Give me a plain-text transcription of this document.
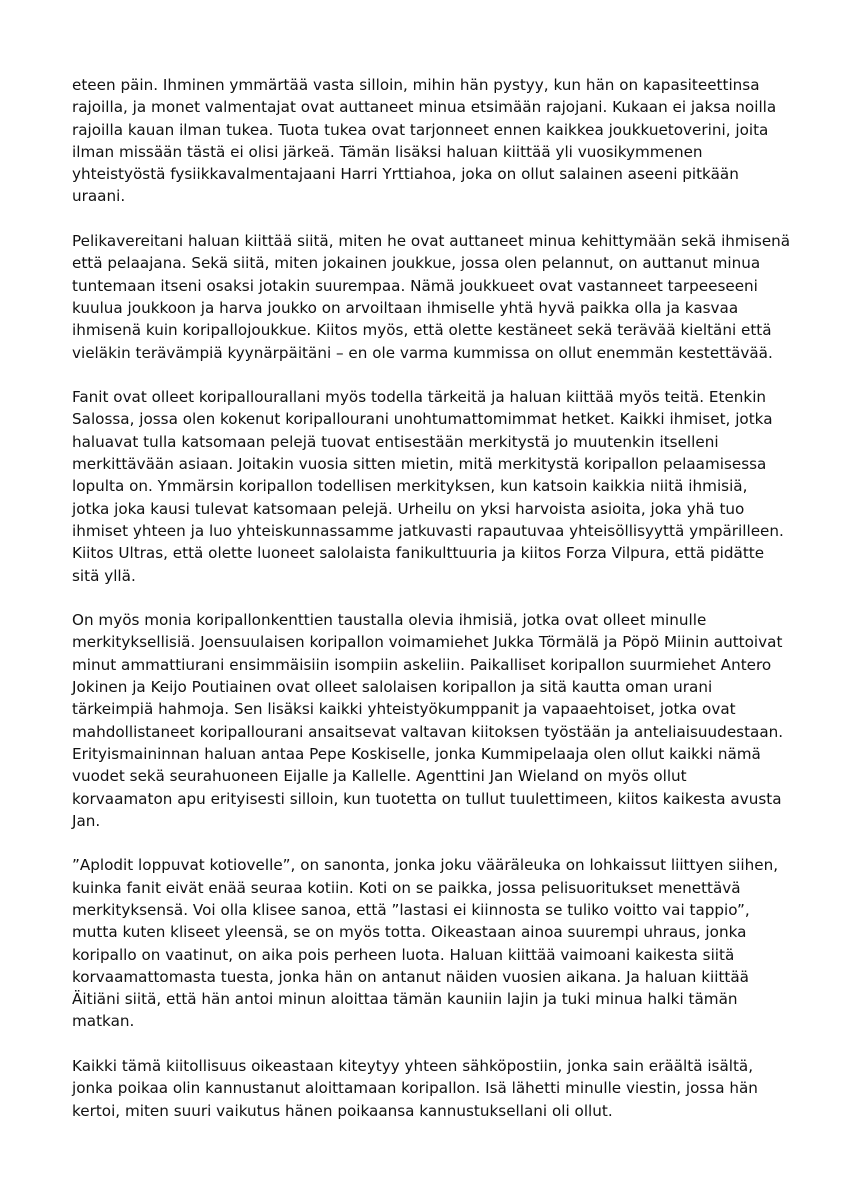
eteen päin. Ihminen ymmärtää vasta silloin, mihin hän pystyy, kun hän on kapasiteettinsa
rajoilla, ja monet valmentajat ovat auttaneet minua etsimään rajojani. Kukaan ei jaksa noilla
rajoilla kauan ilman tukea. Tuota tukea ovat tarjonneet ennen kaikkea joukkuetoverini, joita
ilman missään tästä ei olisi järkeä. Tämän lisäksi haluan kiittää yli vuosikymmenen
yhteistyöstä fysiikkavalmentajaani Harri Yrttiahoa, joka on ollut salainen aseeni pitkään
uraani.

Pelikavereitani haluan kiittää siitä, miten he ovat auttaneet minua kehittymään sekä ihmisenä
että pelaajana. Sekä siitä, miten jokainen joukkue, jossa olen pelannut, on auttanut minua
tuntemaan itseni osaksi jotakin suurempaa. Nämä joukkueet ovat vastanneet tarpeeseeni
kuulua joukkoon ja harva joukko on arvoiltaan ihmiselle yhtä hyvä paikka olla ja kasvaa
ihmisenä kuin koripallojoukkue. Kiitos myös, että olette kestäneet sekä terävää kieltäni että
vieläkin terävämpiä kyynärpäitäni – en ole varma kummissa on ollut enemmän kestettävää.

Fanit ovat olleet koripallourallani myös todella tärkeitä ja haluan kiittää myös teitä. Etenkin
Salossa, jossa olen kokenut koripallourani unohtumattomimmat hetket. Kaikki ihmiset, jotka
haluavat tulla katsomaan pelejä tuovat entisestään merkitystä jo muutenkin itselleni
merkittävään asiaan. Joitakin vuosia sitten mietin, mitä merkitystä koripallon pelaamisessa
lopulta on. Ymmärsin koripallon todellisen merkityksen, kun katsoin kaikkia niitä ihmisiä,
jotka joka kausi tulevat katsomaan pelejä. Urheilu on yksi harvoista asioita, joka yhä tuo
ihmiset yhteen ja luo yhteiskunnassamme jatkuvasti rapautuvaa yhteisöllisyyttä ympärilleen.
Kiitos Ultras, että olette luoneet salolaista fanikulttuuria ja kiitos Forza Vilpura, että pidätte
sitä yllä.

On myös monia koripallonkenttien taustalla olevia ihmisiä, jotka ovat olleet minulle
merkityksellisiä. Joensuulaisen koripallon voimamiehet Jukka Törmälä ja Pöpö Miinin auttoivat
minut ammattiurani ensimmäisiin isompiin askeliin. Paikalliset koripallon suurmiehet Antero
Jokinen ja Keijo Poutiainen ovat olleet salolaisen koripallon ja sitä kautta oman urani
tärkeimpiä hahmoja. Sen lisäksi kaikki yhteistyökumppanit ja vapaaehtoiset, jotka ovat
mahdollistaneet koripallourani ansaitsevat valtavan kiitoksen työstään ja anteliaisuudestaan.
Erityismaininnan haluan antaa Pepe Koskiselle, jonka Kummipelaaja olen ollut kaikki nämä
vuodet sekä seurahuoneen Eijalle ja Kallelle. Agenttini Jan Wieland on myös ollut
korvaamaton apu erityisesti silloin, kun tuotetta on tullut tuulettimeen, kiitos kaikesta avusta
Jan.

”Aplodit loppuvat kotiovelle”, on sanonta, jonka joku vääräleuka on lohkaissut liittyen siihen,
kuinka fanit eivät enää seuraa kotiin. Koti on se paikka, jossa pelisuoritukset menettävä
merkityksensä. Voi olla klisee sanoa, että ”lastasi ei kiinnosta se tuliko voitto vai tappio”,
mutta kuten kliseet yleensä, se on myös totta. Oikeastaan ainoa suurempi uhraus, jonka
koripallo on vaatinut, on aika pois perheen luota. Haluan kiittää vaimoani kaikesta siitä
korvaamattomasta tuesta, jonka hän on antanut näiden vuosien aikana. Ja haluan kiittää
Äitiäni siitä, että hän antoi minun aloittaa tämän kauniin lajin ja tuki minua halki tämän
matkan.

Kaikki tämä kiitollisuus oikeastaan kiteytyy yhteen sähköpostiin, jonka sain eräältä isältä,
jonka poikaa olin kannustanut aloittamaan koripallon. Isä lähetti minulle viestin, jossa hän
kertoi, miten suuri vaikutus hänen poikaansa kannustuksellani oli ollut.
